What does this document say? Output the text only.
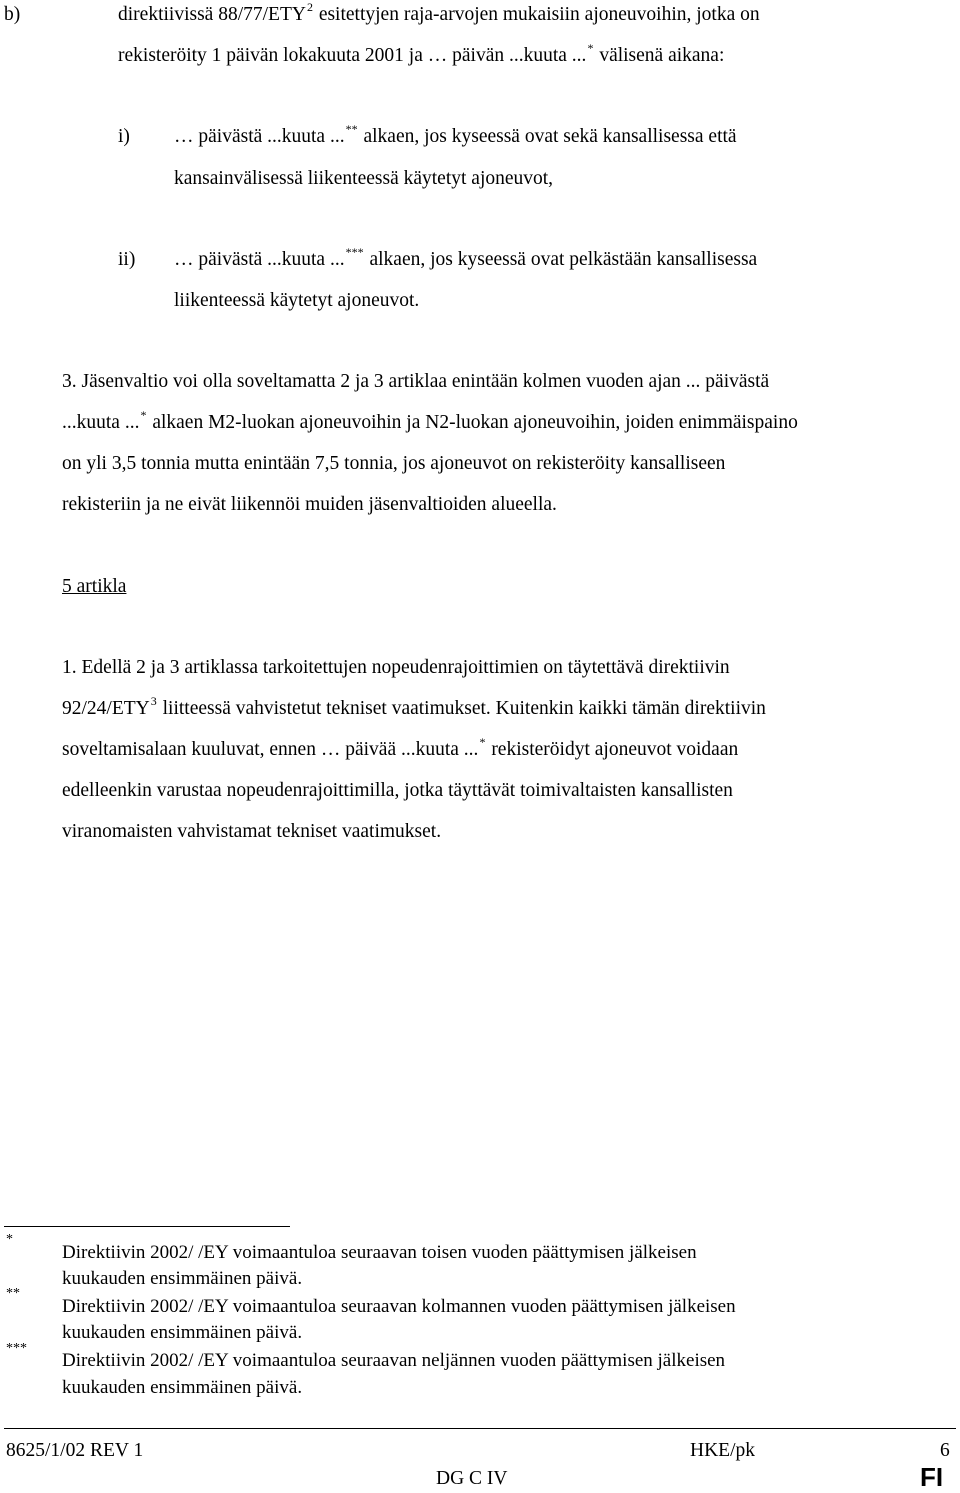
b)	direktiivissä 88/77/ETY$^2$ esitettyjen raja-arvojen mukaisiin ajoneuvoihin, jotka on
rekisteröity 1 päivän lokakuuta 2001 ja … päivän ...kuuta ...* välisenä aikana:
i) … päivästä ...kuuta ...** alkaen, jos kyseessä ovat sekä kansallisessa että
kansainvälisessä liikenteessä käytetyt ajoneuvot,
ii) … päivästä ...kuuta ...*** alkaen, jos kyseessä ovat pelkästään kansallisessa
liikenteessä käytetyt ajoneuvot.
3. Jäsenvaltio voi olla soveltamatta 2 ja 3 artiklaa enintään kolmen vuoden ajan ... päivästä
...kuuta ...* alkaen M2-luokan ajoneuvoihin ja N2-luokan ajoneuvoihin, joiden enimmäispaino
on yli 3,5 tonnia mutta enintään 7,5 tonnia, jos ajoneuvot on rekisteröity kansalliseen
rekisteriin ja ne eivät liikennöi muiden jäsenvaltioiden alueella.
5 artikla
1. Edellä 2 ja 3 artiklassa tarkoitettujen nopeudenrajoittimien on täytettävä direktiivin
92/24/ETY$^3$ liitteessä vahvistetut tekniset vaatimukset. Kuitenkin kaikki tämän direktiivin
soveltamisalaan kuuluvat, ennen … päivää ...kuuta ...* rekisteröidyt ajoneuvot voidaan
edelleenkin varustaa nopeudenrajoittimilla, jotka täyttävät toimivaltaisten kansallisten
viranomaisten vahvistamat tekniset vaatimukset.
*
Direktiivin 2002/ /EY voimaantuloa seuraavan toisen vuoden päättymisen jälkeisen
kuukauden ensimmäinen päivä.
**
Direktiivin 2002/ /EY voimaantuloa seuraavan kolmannen vuoden päättymisen jälkeisen
kuukauden ensimmäinen päivä.
***
Direktiivin 2002/ /EY voimaantuloa seuraavan neljännen vuoden päättymisen jälkeisen
kuukauden ensimmäinen päivä.
8625/1/02 REV 1	HKE/pk	6
DG C IV	FI
